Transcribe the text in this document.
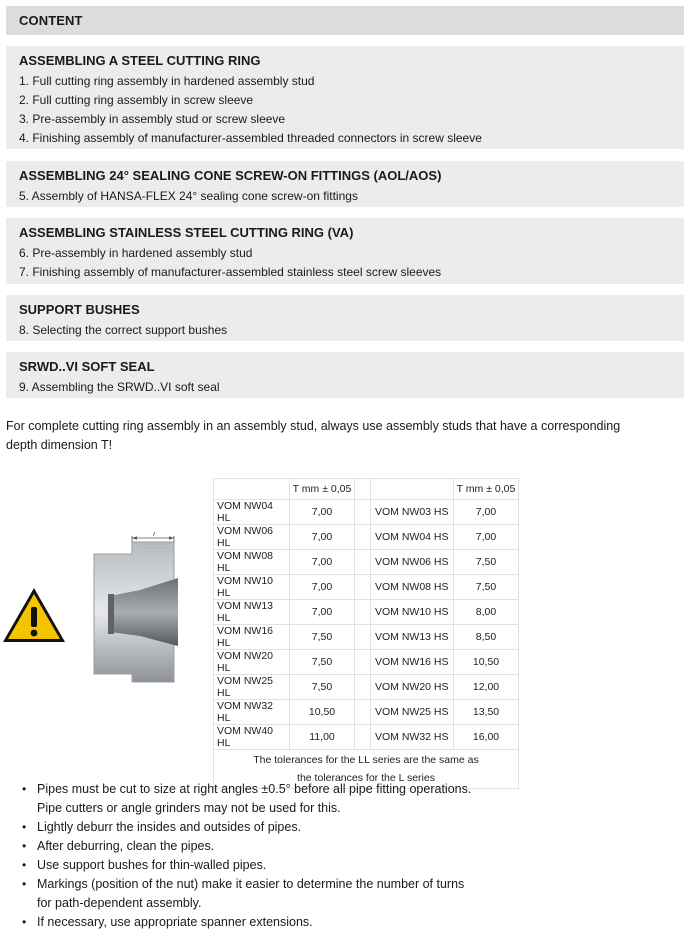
CONTENT
ASSEMBLING A STEEL CUTTING RING
1. Full cutting ring assembly in hardened assembly stud
2. Full cutting ring assembly in screw sleeve
3. Pre-assembly in assembly stud or screw sleeve
4. Finishing assembly of manufacturer-assembled threaded connectors in screw sleeve
ASSEMBLING 24° SEALING CONE SCREW-ON FITTINGS (AOL/AOS)
5. Assembly of HANSA-FLEX 24° sealing cone screw-on fittings
ASSEMBLING STAINLESS STEEL CUTTING RING (VA)
6. Pre-assembly in hardened assembly stud
7. Finishing assembly of manufacturer-assembled stainless steel screw sleeves
SUPPORT BUSHES
8. Selecting the correct support bushes
SRWD..VI SOFT SEAL
9. Assembling the SRWD..VI soft seal
For complete cutting ring assembly in an assembly stud, always use assembly studs that have a corresponding
depth dimension T!
T
	T mm ± 0,05			T mm ± 0,05
VOM NW04 HL	7,00		VOM NW03 HS	7,00
VOM NW06 HL	7,00		VOM NW04 HS	7,00
VOM NW08 HL	7,00		VOM NW06 HS	7,50
VOM NW10 HL	7,00		VOM NW08 HS	7,50
VOM NW13 HL	7,00		VOM NW10 HS	8,00
VOM NW16 HL	7,50		VOM NW13 HS	8,50
VOM NW20 HL	7,50		VOM NW16 HS	10,50
VOM NW25 HL	7,50		VOM NW20 HS	12,00
VOM NW32 HL	10,50		VOM NW25 HS	13,50
VOM NW40 HL	11,00		VOM NW32 HS	16,00

The tolerances for the LL series are the same as
the tolerances for the L series				
• Pipes must be cut to size at right angles ±0.5° before all pipe fitting operations.
Pipe cutters or angle grinders may not be used for this.
• Lightly deburr the insides and outsides of pipes.
• After deburring, clean the pipes.
• Use support bushes for thin-walled pipes.
• Markings (position of the nut) make it easier to determine the number of turns
for path-dependent assembly.
• If necessary, use appropriate spanner extensions.
